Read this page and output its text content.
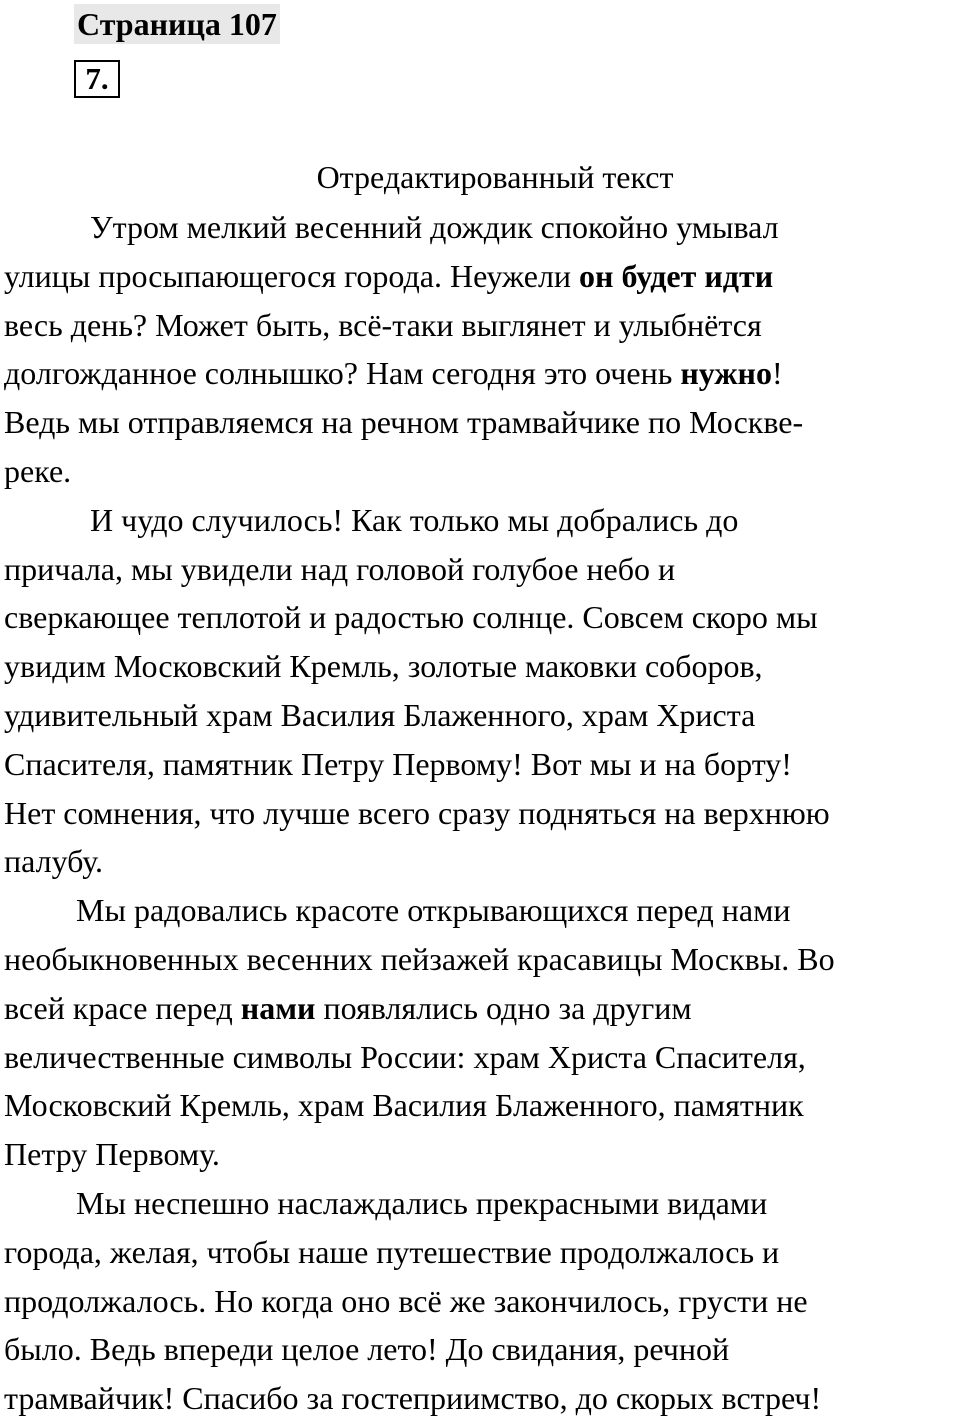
Страница 107
7.
Отредактированный текст
Утром мелкий весенний дождик спокойно умывал
улицы просыпающегося города. Неужели он будет идти
весь день? Может быть, всё-таки выглянет и улыбнётся
долгожданное солнышко? Нам сегодня это очень нужно!
Ведь мы отправляемся на речном трамвайчике по Москве-
реке.
И чудо случилось! Как только мы добрались до
причала, мы увидели над головой голубое небо и
сверкающее теплотой и радостью солнце. Совсем скоро мы
увидим Московский Кремль, золотые маковки соборов,
удивительный храм Василия Блаженного, храм Христа
Спасителя, памятник Петру Первому! Вот мы и на борту!
Нет сомнения, что лучше всего сразу подняться на верхнюю
палубу.
Мы радовались красоте открывающихся перед нами
необыкновенных весенних пейзажей красавицы Москвы. Во
всей красе перед нами появлялись одно за другим
величественные символы России: храм Христа Спасителя,
Московский Кремль, храм Василия Блаженного, памятник
Петру Первому.
Мы неспешно наслаждались прекрасными видами
города, желая, чтобы наше путешествие продолжалось и
продолжалось. Но когда оно всё же закончилось, грусти не
было. Ведь впереди целое лето! До свидания, речной
трамвайчик! Спасибо за гостеприимство, до скорых встреч!
